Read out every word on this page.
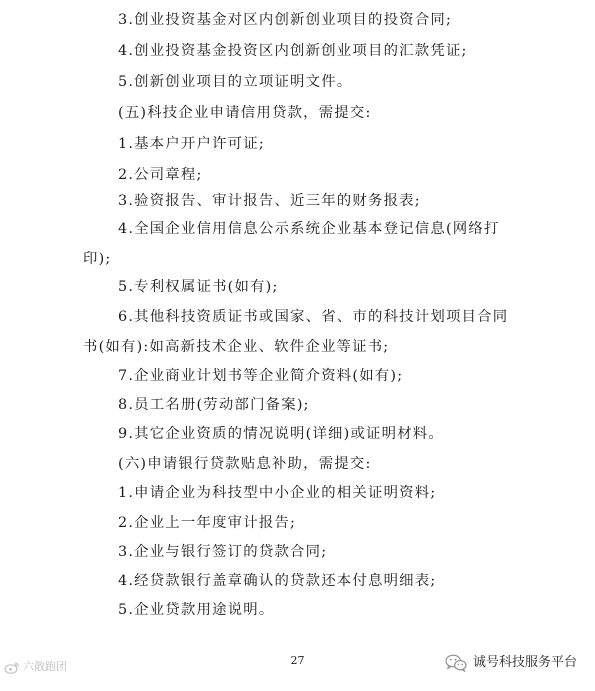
3.创业投资基金对区内创新创业项目的投资合同;

4.创业投资基金投资区内创新创业项目的汇款凭证;

5.创新创业项目的立项证明文件。

(五)科技企业申请信用贷款，需提交:

1.基本户开户许可证;

2.公司章程;

3.验资报告、审计报告、近三年的财务报表;

4.全国企业信用信息公示系统企业基本登记信息(网络打

印);

5.专利权属证书(如有);

6.其他科技资质证书或国家、省、市的科技计划项目合同

书(如有):如高新技术企业、软件企业等证书;

7.企业商业计划书等企业简介资料(如有);

8.员工名册(劳动部门备案);

9.其它企业资质的情况说明(详细)或证明材料。

(六)申请银行贷款贴息补助，需提交:

1.申请企业为科技型中小企业的相关证明资料;

2.企业上一年度审计报告;

3.企业与银行签订的贷款合同;

4.经贷款银行盖章确认的贷款还本付息明细表;

5.企业贷款用途说明。

27
六散跑团	诚号科技服务平台
